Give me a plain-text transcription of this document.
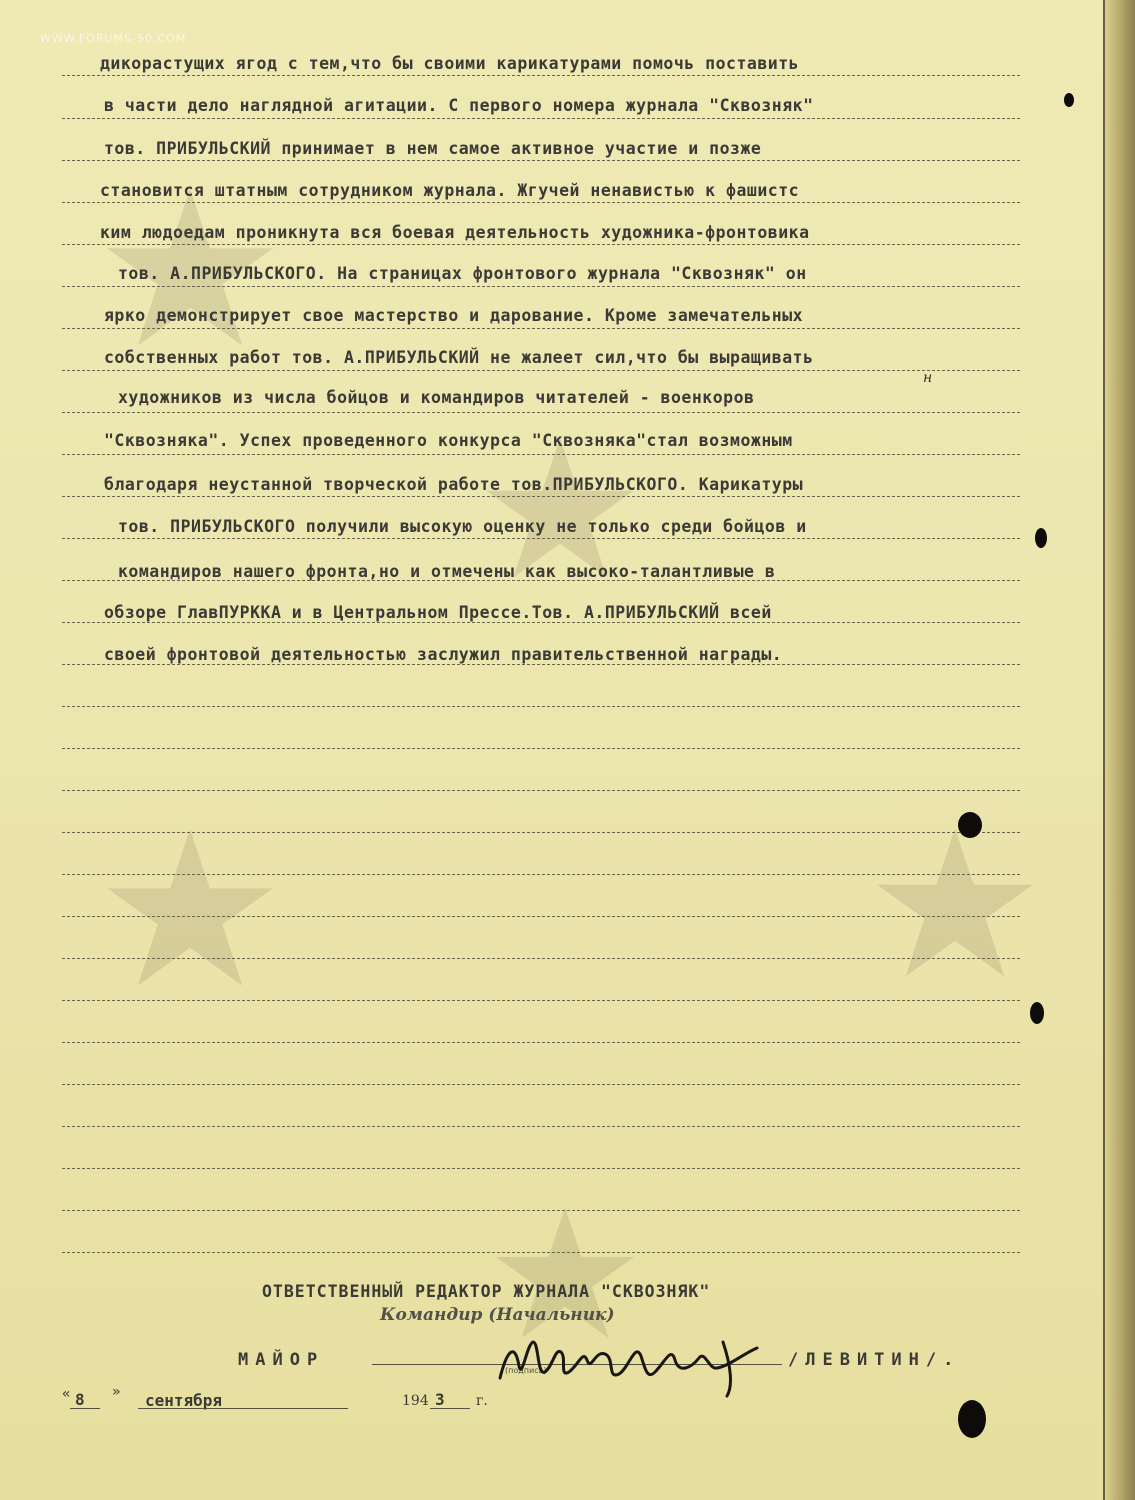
WWW.FORUMS-50.COM
дикорастущих ягод с тем,что бы своими карикатурами помочь поставить
в части дело наглядной агитации. С первого номера журнала "Сквозняк"
тов. ПРИБУЛЬСКИЙ принимает в нем самое активное участие и позже
становится штатным сотрудником журнала. Жгучей ненавистью к фашистс
ким людоедам проникнута вся боевая деятельность художника-фронтовика
тов. А.ПРИБУЛЬСКОГО. На страницах фронтового журнала "Сквозняк" он
ярко демонстрирует свое мастерство и дарование. Кроме замечательных
собственных работ тов. А.ПРИБУЛЬСКИЙ не жалеет сил,что бы выращивать
художников из числа бойцов и командиров читателей - военкоров
"Сквозняка". Успех проведенного конкурса "Сквозняка"стал возможным
благодаря неустанной творческой работе тов.ПРИБУЛЬСКОГО. Карикатуры
тов. ПРИБУЛЬСКОГО получили высокую оценку не только среди бойцов и
командиров нашего фронта,но и отмечены как высоко-талантливые в
обзоре ГлавПУРККА и в Центральном Прессе.Тов. А.ПРИБУЛЬСКИЙ всей
своей фронтовой деятельностью заслужил правительственной награды.
н
ОТВЕТСТВЕННЫЙ РЕДАКТОР ЖУРНАЛА "СКВОЗНЯК"
Командир (Начальник)
МАЙОР
(подпись)
/ЛЕВИТИН/.
« 8 » сентября	194 3 г.
